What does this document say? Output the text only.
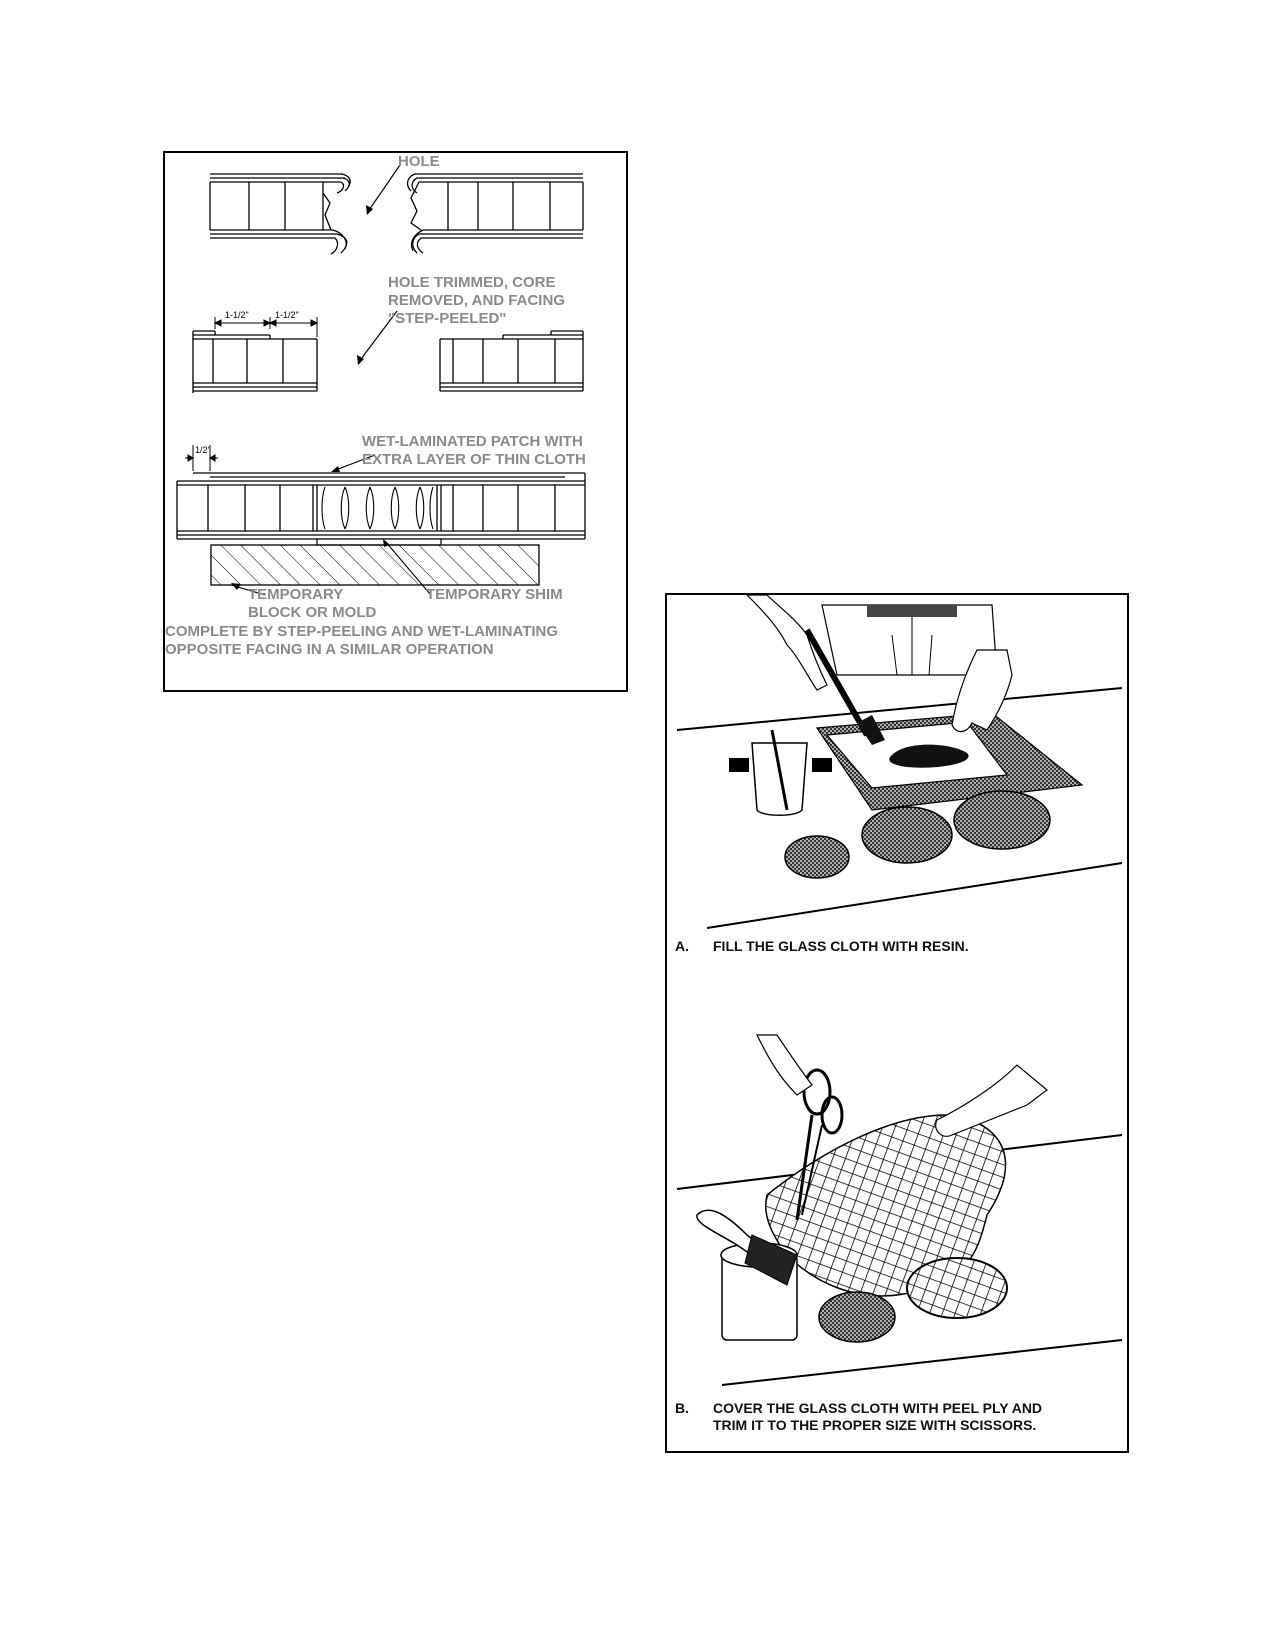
1-1/2"	1-1/2"
1/2"

HOLE

HOLE TRIMMED, CORE

REMOVED, AND FACING

"STEP-PEELED"

WET-LAMINATED PATCH WITH

EXTRA LAYER OF THIN CLOTH

TEMPORARY

BLOCK OR MOLD

TEMPORARY SHIM

COMPLETE BY STEP-PEELING AND WET-LAMINATING

OPPOSITE FACING IN A SIMILAR OPERATION

A. FILL THE GLASS CLOTH WITH RESIN.
B. COVER THE GLASS CLOTH WITH PEEL PLY AND
TRIM IT TO THE PROPER SIZE WITH SCISSORS.
